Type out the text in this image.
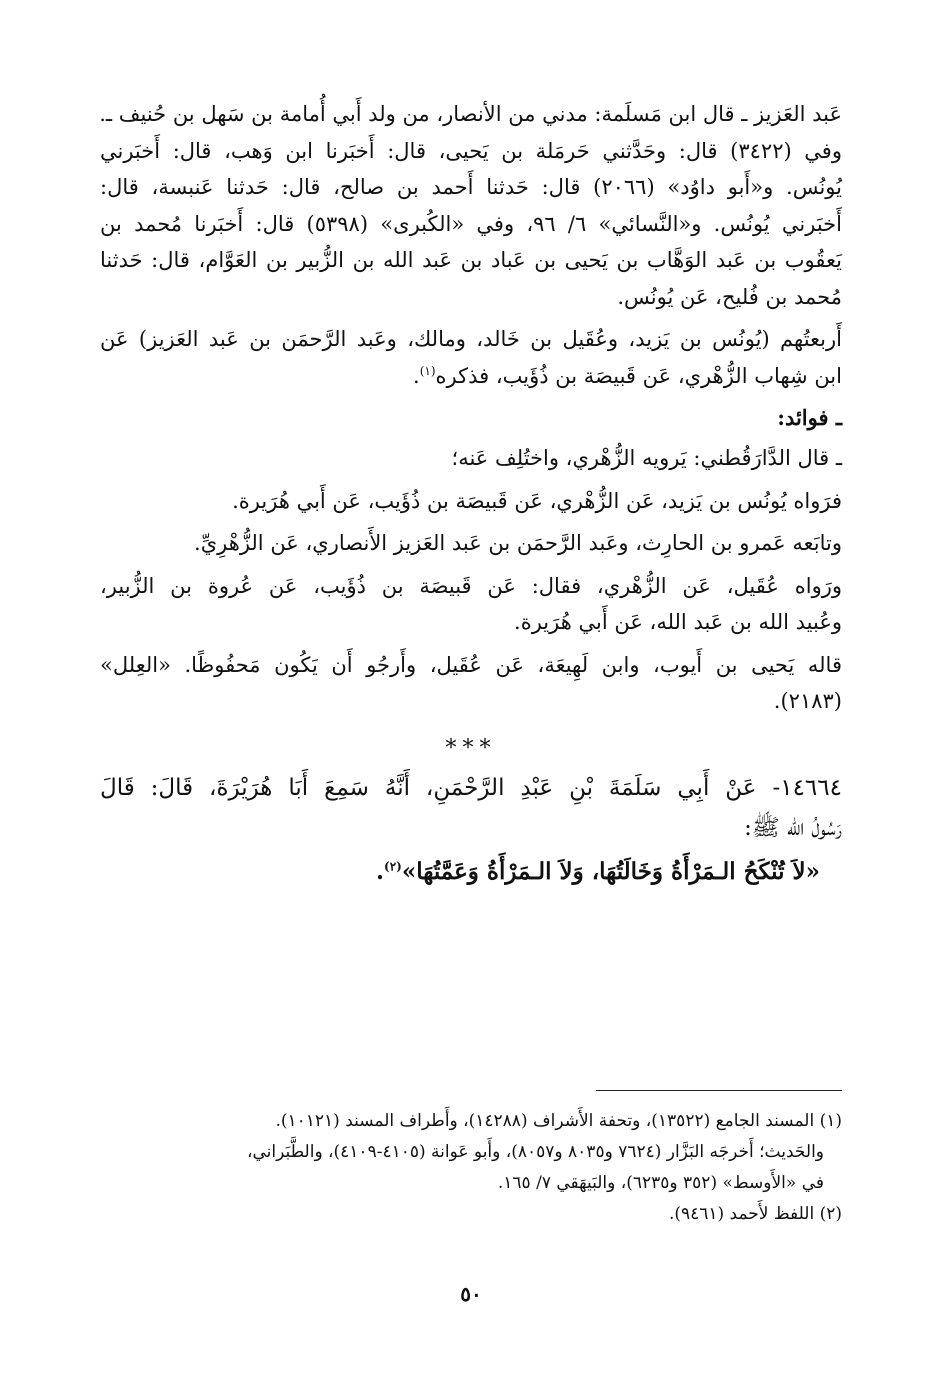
عَبد العَزيز ـ قال ابن مَسلَمة: مدني من الأنصار، من ولد أَبي أُمامة بن سَهل بن حُنيف ـ.
وفي (٣٤٢٢) قال: وحَدَّثني حَرمَلة بن يَحيى، قال: أَخبَرنا ابن وَهب، قال: أَخبَرني
يُونُس. و«أَبو داوُد» (٢٠٦٦) قال: حَدثنا أَحمد بن صالح، قال: حَدثنا عَنبسة، قال:
أَخبَرني يُونُس. و«النَّسائي» ٦/ ٩٦، وفي «الكُبرى» (٥٣٩٨) قال: أَخبَرنا مُحمد بن
يَعقُوب بن عَبد الوَهَّاب بن يَحيى بن عَباد بن عَبد الله بن الزُّبير بن العَوَّام، قال: حَدثنا
مُحمد بن فُليح، عَن يُونُس.
أَربعتُهم (يُونُس بن يَزيد، وعُقَيل بن خَالد، ومالك، وعَبد الرَّحمَن بن عَبد العَزيز) عَن
ابن شِهاب الزُّهْري، عَن قَبيصَة بن ذُؤَيب، فذكره$^{(١)}$.
ـ فوائد:
ـ قال الدَّارَقُطني: يَرويه الزُّهْري، واختُلِف عَنه؛
فرَواه يُونُس بن يَزيد، عَن الزُّهْري، عَن قَبيصَة بن ذُؤَيب، عَن أَبي هُرَيرة.
وتابَعه عَمرو بن الحارِث، وعَبد الرَّحمَن بن عَبد العَزيز الأَنصاري، عَن الزُّهْرِيِّ.
ورَواه عُقَيل، عَن الزُّهْري، فقال: عَن قَبيصَة بن ذُؤَيب، عَن عُروة بن الزُّبير،
وعُبيد الله بن عَبد الله، عَن أَبي هُرَيرة.
قاله يَحيى بن أَيوب، وابن لَهِيعَة، عَن عُقَيل، وأَرجُو أَن يَكُون مَحفُوظًا. «العِلل»
(٢١٨٣).
***
١٤٦٦٤- عَنْ أَبِي سَلَمَةَ بْنِ عَبْدِ الرَّحْمَنِ، أَنَّهُ سَمِعَ أَبَا هُرَيْرَةَ، قَالَ: قَالَ
رَسُولُ الله ﷺ:
«لاَ تُنْكَحُ الـمَرْأَةُ وَخَالَتُهَا، وَلاَ الـمَرْأَةُ وَعَمَّتُهَا»$^{(٢)}$.
(١) المسند الجامع (١٣٥٢٢)، وتحفة الأَشراف (١٤٢٨٨)، وأَطراف المسند (١٠١٢١).
والحَديث؛ أَخرجَه البَزَّار (٧٦٢٤ و٨٠٣٥ و٨٠٥٧)، وأَبو عَوانة (٤١٠٥-٤١٠٩)، والطَّبَراني،
في «الأَوسط» (٣٥٢ و٦٢٣٥)، والبَيهَقي ٧/ ١٦٥.
(٢) اللفظ لأَحمد (٩٤٦١).
٥٠
